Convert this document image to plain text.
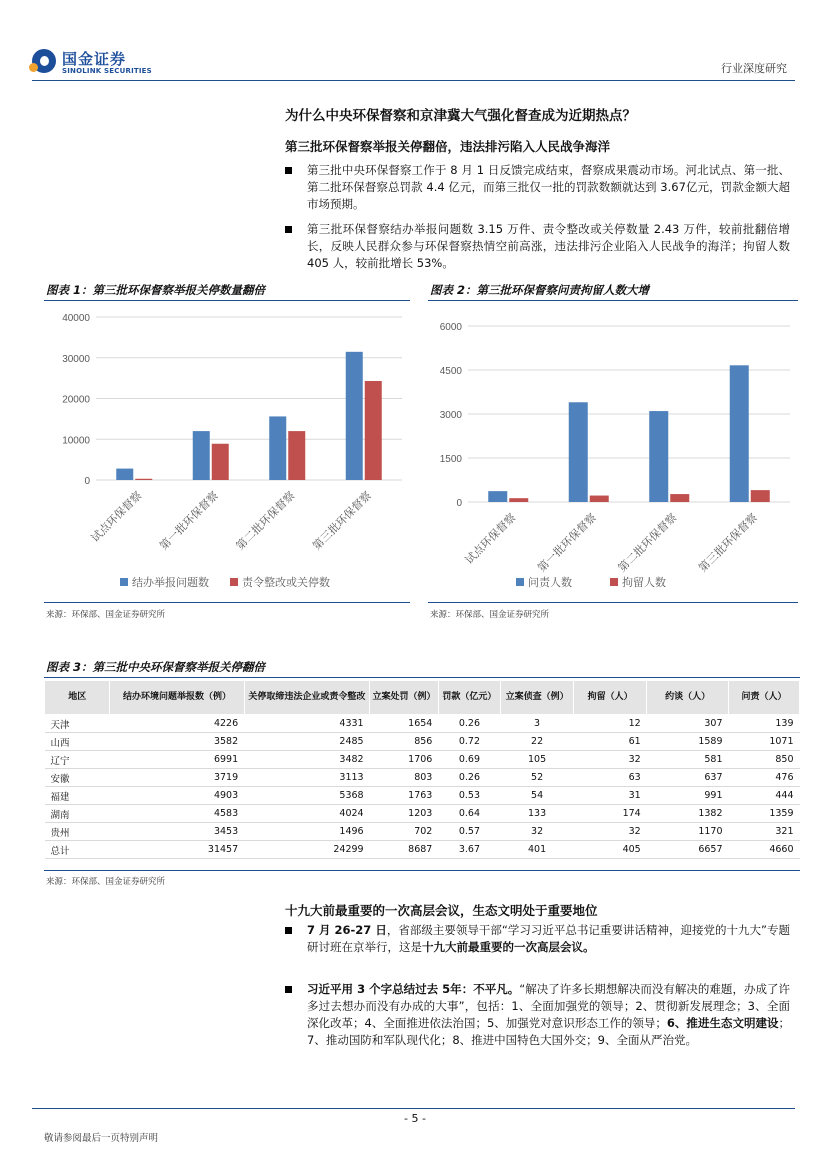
国金证券
SINOLINK SECURITIES	行业深度研究
为什么中央环保督察和京津冀大气强化督查成为近期热点？
第三批环保督察举报关停翻倍，违法排污陷入人民战争海洋
第三批中央环保督察工作于 8 月 1 日反馈完成结束，督察成果震动市场。河北试点、第一批、第二批环保督察总罚款 4.4 亿元，而第三批仅一批的罚款数额就达到 3.67亿元，罚款金额大超市场预期。
第三批环保督察结办举报问题数 3.15 万件、责令整改或关停数量 2.43 万件，较前批翻倍增长，反映人民群众参与环保督察热情空前高涨，违法排污企业陷入人民战争的海洋；拘留人数 405 人，较前批增长 53%。
图表 1：第三批环保督察举报关停数量翻倍	图表 2：第三批环保督察问责拘留人数大增
0
10000
20000
30000
40000
试点环保督察 第一批环保督察 第二批环保督察 第三批环保督察
结办举报问题数	责令整改或关停数
0
1500
3000
4500
6000
试点环保督察 第一批环保督察 第二批环保督察 第三批环保督察
问责人数	拘留人数
来源：环保部、国金证券研究所	来源：环保部、国金证券研究所
图表 3：第三批中央环保督察举报关停翻倍
地区	结办环境问题举报数（例）	关停取缔违法企业或责令整改	立案处罚（例）	罚款（亿元）	立案侦查（例）	拘留（人）	约谈（人）	问责（人）
天津	4226	4331	1654	0.26	3	12	307	139
山西	3582	2485	856	0.72	22	61	1589	1071
辽宁	6991	3482	1706	0.69	105	32	581	850
安徽	3719	3113	803	0.26	52	63	637	476
福建	4903	5368	1763	0.53	54	31	991	444
湖南	4583	4024	1203	0.64	133	174	1382	1359
贵州	3453	1496	702	0.57	32	32	1170	321
总计	31457	24299	8687	3.67	401	405	6657	4660
来源：环保部、国金证券研究所
十九大前最重要的一次高层会议，生态文明处于重要地位
7 月 26-27 日，省部级主要领导干部“学习习近平总书记重要讲话精神，迎接党的十九大”专题研讨班在京举行，这是十九大前最重要的一次高层会议。
习近平用 3 个字总结过去 5年：不平凡。“解决了许多长期想解决而没有解决的难题，办成了许多过去想办而没有办成的大事”，包括：1、全面加强党的领导；2、贯彻新发展理念；3、全面深化改革；4、全面推进依法治国；5、加强党对意识形态工作的领导；6、推进生态文明建设；7、推动国防和军队现代化；8、推进中国特色大国外交；9、全面从严治党。
- 5 -
敬请参阅最后一页特别声明
